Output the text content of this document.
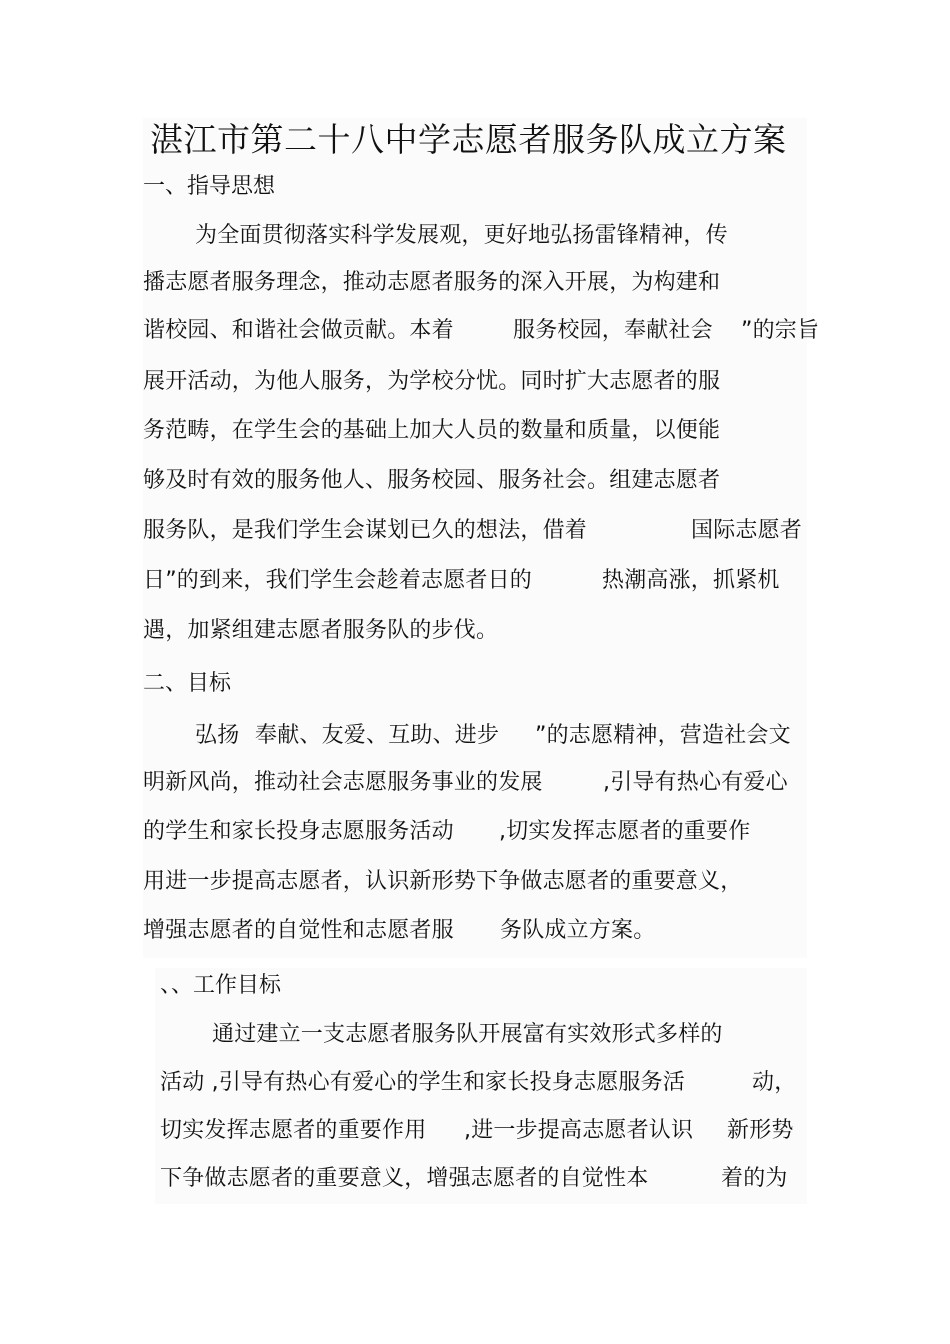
湛江市第二十八中学志愿者服务队成立方案
一、指导思想
为全面贯彻落实科学发展观，更好地弘扬雷锋精神，传
播志愿者服务理念，推动志愿者服务的深入开展，为构建和
谐校园、和谐社会做贡献。本着	服务校园，奉献社会 ”的宗旨
展开活动，为他人服务，为学校分忧。同时扩大志愿者的服
务范畴，在学生会的基础上加大人员的数量和质量，以便能
够及时有效的服务他人、服务校园、服务社会。组建志愿者
服务队，是我们学生会谋划已久的想法，借着	国际志愿者
日”的到来，我们学生会趁着志愿者日的	热潮高涨，抓紧机
遇，加紧组建志愿者服务队的步伐。
二、目标
弘扬 奉献、友爱、互助、进步 ”的志愿精神，营造社会文
明新风尚，推动社会志愿服务事业的发展	,引导有热心有爱心
的学生和家长投身志愿服务活动 ,切实发挥志愿者的重要作
用进一步提高志愿者，认识新形势下争做志愿者的重要意义，
增强志愿者的自觉性和志愿者服 务队成立方案。
、、工作目标
通过建立一支志愿者服务队开展富有实效形式多样的
活动 ,引导有热心有爱心的学生和家长投身志愿服务活	动，
切实发挥志愿者的重要作用 ,进一步提高志愿者认识 新形势
下争做志愿者的重要意义，增强志愿者的自觉性本	着的为
